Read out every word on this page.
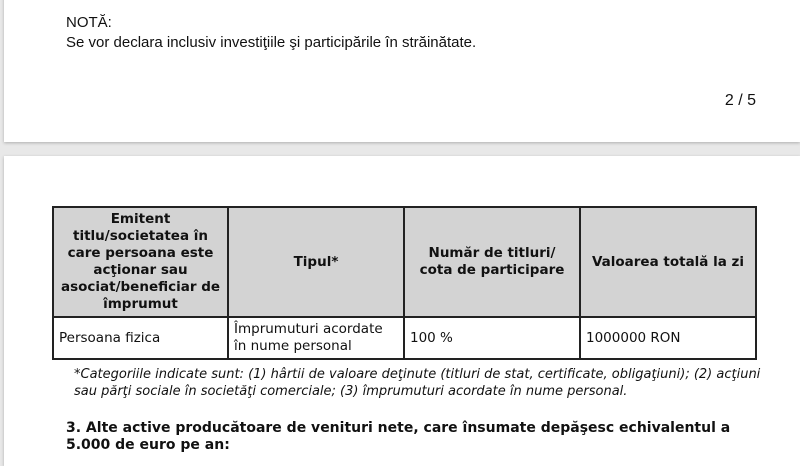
NOTĂ:
Se vor declara inclusiv investiţiile şi participările în străinătate.
2 / 5
Emitent titlu/societatea în care persoana este acţionar sau asociat/beneficiar de împrumut	Tipul*	Număr de titluri/ cota de participare	Valoarea totală la zi

Persoana fizica	Împrumuturi acordate în nume personal	100 %	1000000 RON
*Categoriile indicate sunt: (1) hârtii de valoare deţinute (titluri de stat, certificate, obligaţiuni); (2) acţiuni sau părţi sociale în societăţi comerciale; (3) împrumuturi acordate în nume personal.
3. Alte active producătoare de venituri nete, care însumate depăşesc echivalentul a 5.000 de euro pe an:
